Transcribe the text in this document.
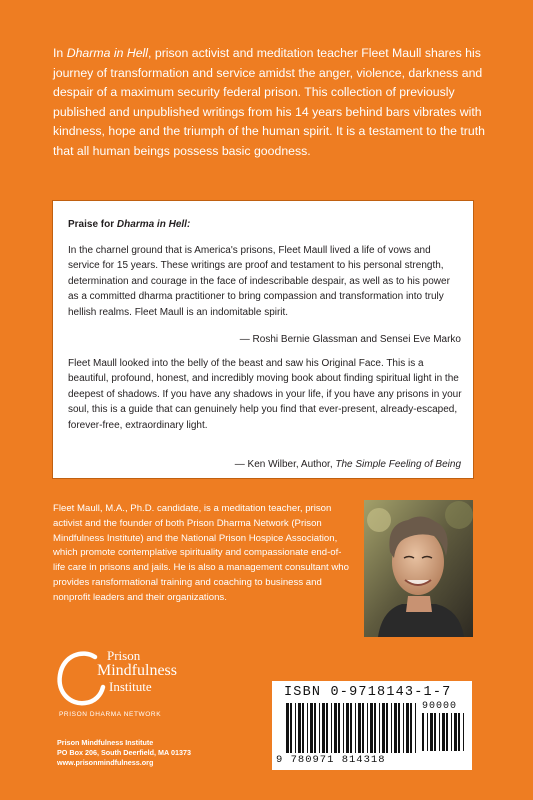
In Dharma in Hell, prison activist and meditation teacher Fleet Maull shares his journey of transformation and service amidst the anger, violence, darkness and despair of a maximum security federal prison. This collection of previously published and unpublished writings from his 14 years behind bars vibrates with kindness, hope and the triumph of the human spirit. It is a testament to the truth that all human beings possess basic goodness.
Praise for Dharma in Hell:
In the charnel ground that is America's prisons, Fleet Maull lived a life of vows and service for 15 years. These writings are proof and testament to his personal strength, determination and courage in the face of indescribable despair, as well as to his power as a committed dharma practitioner to bring compassion and transformation into truly hellish realms. Fleet Maull is an indomitable spirit.
— Roshi Bernie Glassman and Sensei Eve Marko
Fleet Maull looked into the belly of the beast and saw his Original Face. This is a beautiful, profound, honest, and incredibly moving book about finding spiritual light in the deepest of shadows. If you have any shadows in your life, if you have any prisons in your soul, this is a guide that can genuinely help you find that ever-present, already-escaped, forever-free, extraordinary light.
— Ken Wilber, Author, The Simple Feeling of Being
Fleet Maull, M.A., Ph.D. candidate, is a meditation teacher, prison activist and the founder of both Prison Dharma Network (Prison Mindfulness Institute) and the National Prison Hospice Association, which promote contemplative spirituality and compassionate end-of-life care in prisons and jails. He is also a management consultant who provides ransformational training and coaching to business and nonprofit leaders and their organizations.
Prison
Mindfulness
Institute
PRISON DHARMA NETWORK
Prison Mindfulness Institute
PO Box 206, South Deerfield, MA 01373
www.prisonmindfulness.org
ISBN 0-9718143-1-7
90000
9 780971 814318
